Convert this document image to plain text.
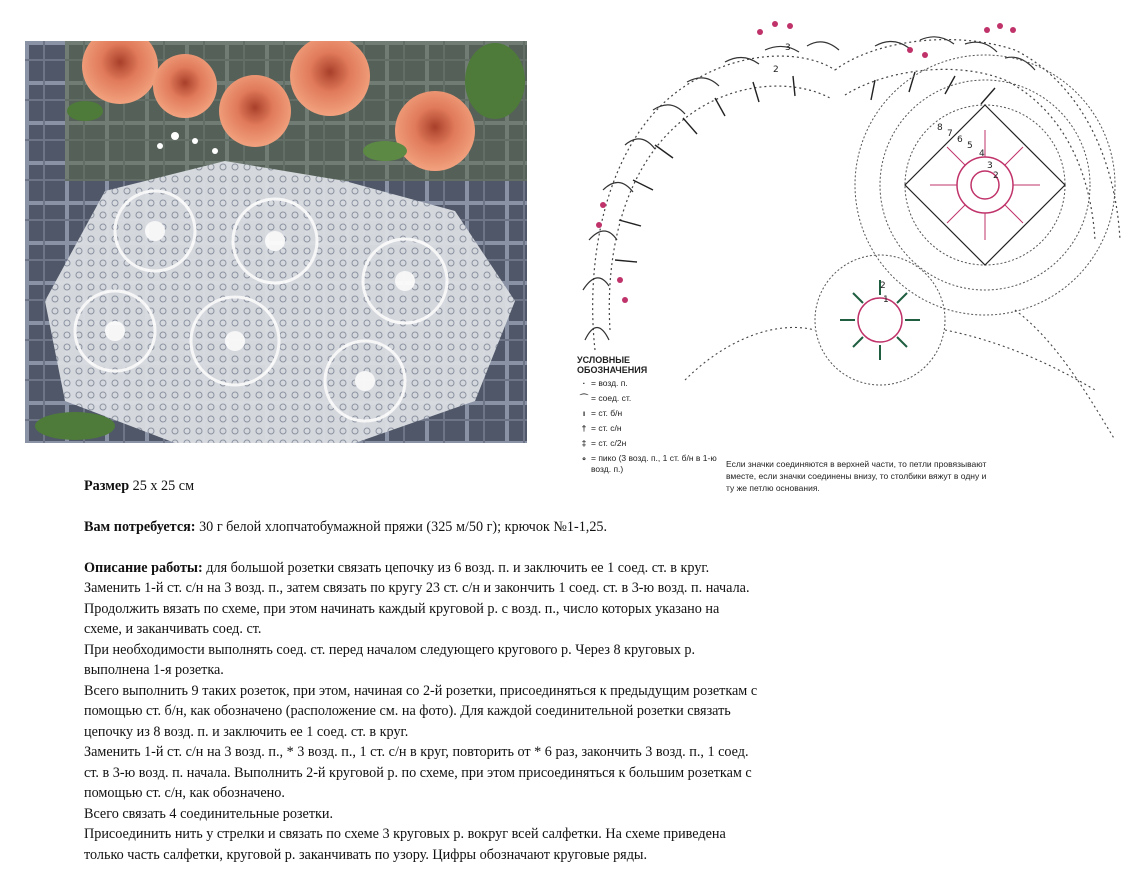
8
7
6
5
4
3
2
2
1
3
2
УСЛОВНЫЕ
ОБОЗНАЧЕНИЯ
· = возд. п.
⌒ = соед. ст.
ı = ст. б/н
† = ст. с/н
‡ = ст. с/2н
∘ = пико (3 возд. п., 1 ст. б/н в 1-ю возд. п.)	Если значки соединяются в верхней части, то петли провязывают вместе, если значки соединены внизу, то столбики вяжут в одну и ту же петлю основания.

Размер 25 х 25 см

Вам потребуется: 30 г белой хлопчатобумажной пряжи (325 м/50 г); крючок №1-1,25.

Описание работы: для большой розетки связать цепочку из 6 возд. п. и заключить ее 1 соед. ст. в круг.

Заменить 1-й ст. с/н на 3 возд. п., затем связать по кругу 23 ст. с/н и закончить 1 соед. ст. в 3-ю возд. п. начала.

Продолжить вязать по схеме, при этом начинать каждый круговой р. с возд. п., число которых указано на

схеме, и заканчивать соед. ст.

При необходимости выполнять соед. ст. перед началом следующего кругового р. Через 8 круговых р.

выполнена 1-я розетка.

Всего выполнить 9 таких розеток, при этом, начиная со 2-й розетки, присоединяться к предыдущим розеткам с

помощью ст. б/н, как обозначено (расположение см. на фото). Для каждой соединительной розетки связать

цепочку из 8 возд. п. и заключить ее 1 соед. ст. в круг.

Заменить 1-й ст. с/н на 3 возд. п., * 3 возд. п., 1 ст. с/н в круг, повторить от * 6 раз, закончить 3 возд. п., 1 соед.

ст. в 3-ю возд. п. начала. Выполнить 2-й круговой р. по схеме, при этом присоединяться к большим розеткам с

помощью ст. с/н, как обозначено.

Всего связать 4 соединительные розетки.

Присоединить нить у стрелки и связать по схеме 3 круговых р. вокруг всей салфетки. На схеме приведена

только часть салфетки, круговой р. заканчивать по узору. Цифры обозначают круговые ряды.
